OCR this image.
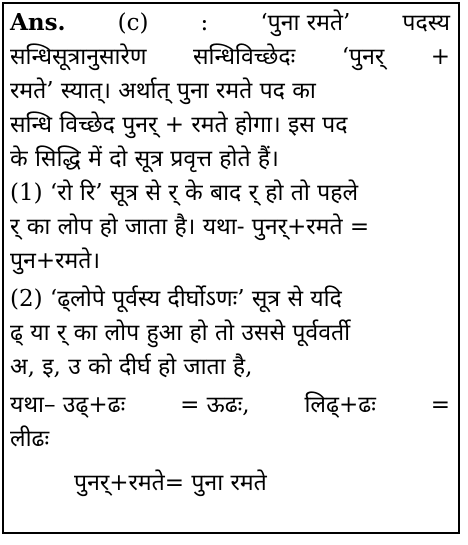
Ans. (c) : ‘पुना रमते’ पदस्य
सन्धिसूत्रानुसारेण सन्धिविच्छेदः ‘पुनर् +
रमते’ स्यात्। अर्थात् पुना रमते पद का
सन्धि विच्छेद पुनर् + रमते होगा। इस पद
के सिद्धि में दो सूत्र प्रवृत्त होते हैं।
(1) ‘रो रि’ सूत्र से र् के बाद र् हो तो पहले
र् का लोप हो जाता है। यथा- पुनर्+रमते =
पुन+रमते।
(2) ‘ढ्लोपे पूर्वस्य दीर्घोऽणः’ सूत्र से यदि
ढ् या र् का लोप हुआ हो तो उससे पूर्ववर्ती
अ, इ, उ को दीर्घ हो जाता है,
यथा– उढ्+ढः = ऊढः, लिढ्+ढः =
लीढः
पुनर्+रमते= पुना रमते
